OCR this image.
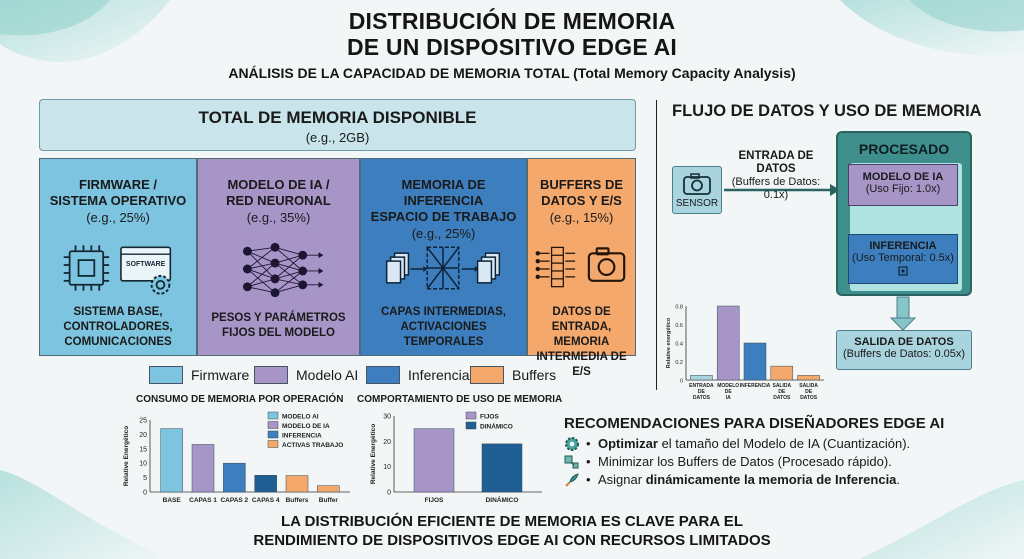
DISTRIBUCIÓN DE MEMORIA
DE UN DISPOSITIVO EDGE AI
ANÁLISIS DE LA CAPACIDAD DE MEMORIA TOTAL (Total Memory Capacity Analysis)
TOTAL DE MEMORIA DISPONIBLE
(e.g., 2GB)
FIRMWARE /
SISTEMA OPERATIVO
(e.g., 25%)
SOFTWARE
SISTEMA BASE,
CONTROLADORES,
COMUNICACIONES
MODELO DE IA /
RED NEURONAL
(e.g., 35%)
PESOS Y PARÁMETROS
FIJOS DEL MODELO
MEMORIA DE INFERENCIA
ESPACIO DE TRABAJO
(e.g., 25%)
CAPAS INTERMEDIAS,
ACTIVACIONES
TEMPORALES
BUFFERS DE
DATOS Y E/S
(e.g., 15%)
DATOS DE ENTRADA,
MEMORIA
INTERMEDIA DE E/S
Firmware	Modelo AI	Inferencia	Buffers
CONSUMO DE MEMORIA POR OPERACIÓN
0
5
10
15
20
25
Relative Energético
BASE CAPAS 1 CAPAS 2 CAPAS 4 Buffers Buffer
MODELO AI
MODELO DE IA
INFERENCIA
ACTIVAS TRABAJO
COMPORTAMIENTO DE USO DE MEMORIA
0
10
20
30
Relative Energético
FIJOS	DINÁMICO
FIJOS
DINÁMICO
FLUJO DE DATOS Y USO DE MEMORIA
SENSOR
ENTRADA DE DATOS
(Buffers de Datos: 0.1x)
PROCESADO
MODELO DE IA
(Uso Fijo: 1.0x)
INFERENCIA
(Uso Temporal: 0.5x)
SALIDA DE DATOS
(Buffers de Datos: 0.05x)
0
0.2
0.4
0.6
0.8
Relative energético
ENTRADA
DE
DATOS
MODELO
DE
IA
INFERENCIA SALIDA
DE
DATOS
SALIDA
DE
DATOS
RECOMENDACIONES PARA DISEÑADORES EDGE AI
• Optimizar el tamaño del Modelo de IA (Cuantización).
• Minimizar los Buffers de Datos (Procesado rápido).
• Asignar dinámicamente la memoria de Inferencia.
LA DISTRIBUCIÓN EFICIENTE DE MEMORIA ES CLAVE PARA EL
RENDIMIENTO DE DISPOSITIVOS EDGE AI CON RECURSOS LIMITADOS
